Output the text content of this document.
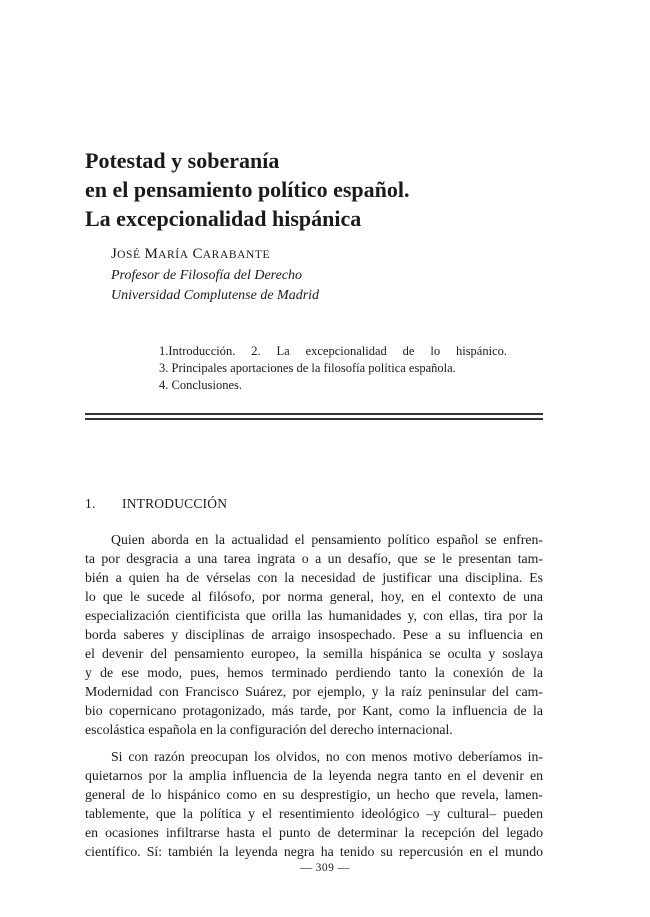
Potestad y soberanía
en el pensamiento político español.
La excepcionalidad hispánica
JOSÉ MARÍA CARABANTE
Profesor de Filosofía del Derecho
Universidad Complutense de Madrid
1.Introducción. 2. La excepcionalidad de lo hispánico.
3. Principales aportaciones de la filosofía política española.
4. Conclusiones.
1. INTRODUCCIÓN
Quien aborda en la actualidad el pensamiento político español se enfren-
ta por desgracia a una tarea ingrata o a un desafío, que se le presentan tam-
bién a quien ha de vérselas con la necesidad de justificar una disciplina. Es
lo que le sucede al filósofo, por norma general, hoy, en el contexto de una
especialización cientificista que orilla las humanidades y, con ellas, tira por la
borda saberes y disciplinas de arraigo insospechado. Pese a su influencia en
el devenir del pensamiento europeo, la semilla hispánica se oculta y soslaya
y de ese modo, pues, hemos terminado perdiendo tanto la conexión de la
Modernidad con Francisco Suárez, por ejemplo, y la raíz peninsular del cam-
bio copernicano protagonizado, más tarde, por Kant, como la influencia de la
escolástica española en la configuración del derecho internacional.
Si con razón preocupan los olvidos, no con menos motivo deberíamos in-
quietarnos por la amplia influencia de la leyenda negra tanto en el devenir en
general de lo hispánico como en su desprestigio, un hecho que revela, lamen-
tablemente, que la política y el resentimiento ideológico –y cultural– pueden
en ocasiones infiltrarse hasta el punto de determinar la recepción del legado
científico. Sí: también la leyenda negra ha tenido su repercusión en el mundo
— 309 —
